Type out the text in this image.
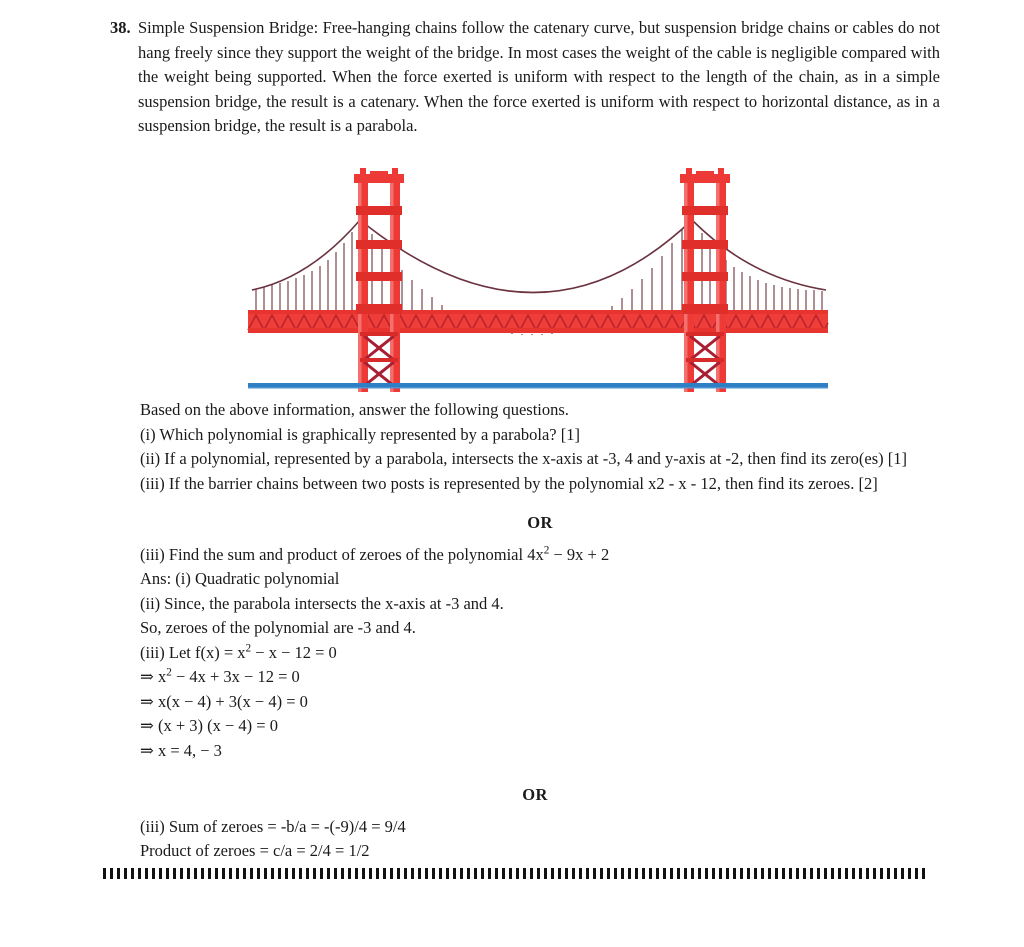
38. Simple Suspension Bridge: Free-hanging chains follow the catenary curve, but suspension bridge chains or cables do not hang freely since they support the weight of the bridge. In most cases the weight of the cable is negligible compared with the weight being supported. When the force exerted is uniform with respect to the length of the chain, as in a simple suspension bridge, the result is a catenary. When the force exerted is uniform with respect to horizontal distance, as in a suspension bridge, the result is a parabola.
Based on the above information, answer the following questions.
(i) Which polynomial is graphically represented by a parabola? [1]
(ii) If a polynomial, represented by a parabola, intersects the x-axis at -3, 4 and y-axis at -2, then find its zero(es) [1]
(iii) If the barrier chains between two posts is represented by the polynomial x2 - x - 12, then find its zeroes. [2]
OR
(iii) Find the sum and product of zeroes of the polynomial $4x^2 - 9x + 2$
Ans: (i) Quadratic polynomial
(ii) Since, the parabola intersects the x-axis at -3 and 4.
So, zeroes of the polynomial are -3 and 4.
(iii) Let $f(x) = x^2 - x - 12 = 0$
⇒ $x^2 - 4x + 3x - 12 = 0$
⇒ x(x − 4) + 3(x − 4) = 0
⇒ (x + 3) (x − 4) = 0
⇒ x = 4, − 3
OR
(iii) Sum of zeroes = -b/a = -(-9)/4 = 9/4
Product of zeroes = c/a = 2/4 = 1/2
